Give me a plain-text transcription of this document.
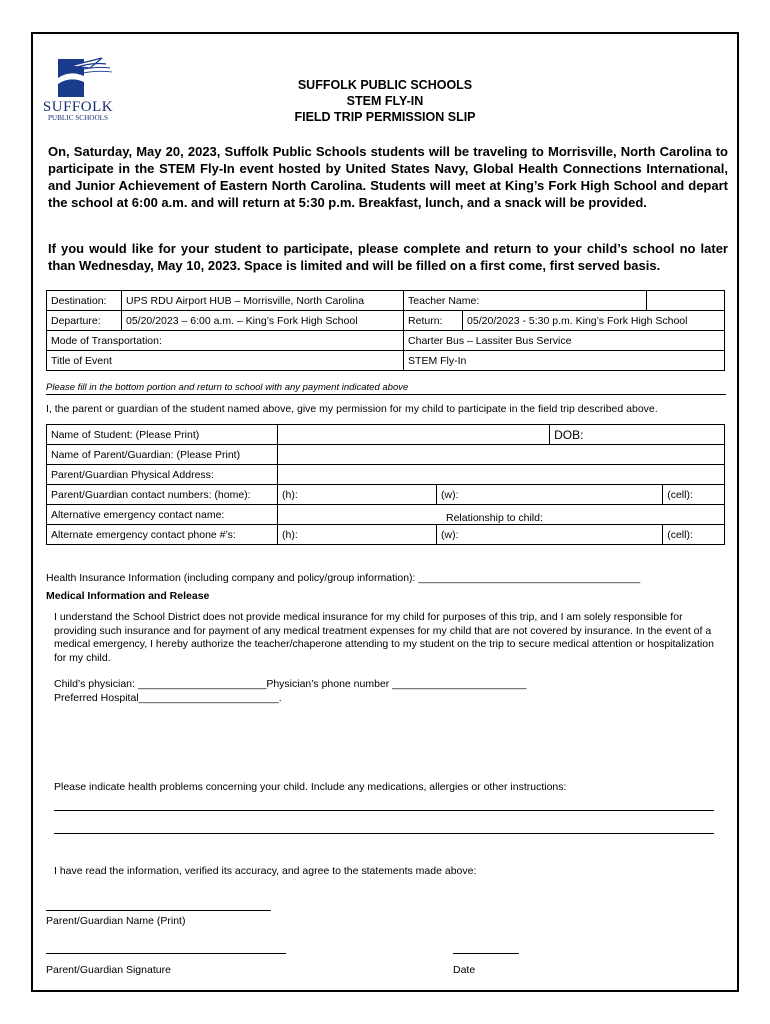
SUFFOLK
PUBLIC SCHOOLS
SUFFOLK PUBLIC SCHOOLS
STEM FLY-IN
FIELD TRIP PERMISSION SLIP
On, Saturday, May 20, 2023, Suffolk Public Schools students will be traveling to Morrisville, North Carolina to participate in the STEM Fly-In event hosted by United States Navy, Global Health Connections International, and Junior Achievement of Eastern North Carolina. Students will meet at King’s Fork High School and depart the school at 6:00 a.m. and will return at 5:30 p.m. Breakfast, lunch, and a snack will be provided.
If you would like for your student to participate, please complete and return to your child’s school no later than Wednesday, May 10, 2023. Space is limited and will be filled on a first come, first served basis.
Destination:	UPS RDU Airport HUB – Morrisville, North Carolina	Teacher Name:		
Departure:	05/20/2023 – 6:00 a.m. – King’s Fork High School	Return:	05/20/2023 - 5:30 p.m. King’s Fork High School	
Mode of Transportation:		Charter Bus – Lassiter Bus Service		
Title of Event		STEM Fly-In		
Please fill in the bottom portion and return to school with any payment indicated above
I, the parent or guardian of the student named above, give my permission for my child to participate in the field trip described above.
Name of Student: (Please Print)			DOB:	
Name of Parent/Guardian: (Please Print)				
Parent/Guardian Physical Address:				
Parent/Guardian contact numbers: (home):	(h):	(w):		(cell):
Alternative emergency contact name:	Relationship to child:			
Alternate emergency contact phone #’s:	(h):	(w):		(cell):
Health Insurance Information (including company and policy/group information): ______________________________________
Medical Information and Release
I understand the School District does not provide medical insurance for my child for purposes of this trip, and I am solely responsible for providing such insurance and for payment of any medical treatment expenses for my child that are not covered by insurance. In the event of a medical emergency, I hereby authorize the teacher/chaperone attending to my student on the trip to secure medical attention or hospitalization for my child.
Child’s physician: ______________________Physician’s phone number _______________________
Preferred Hospital________________________.
Please indicate health problems concerning your child. Include any medications, allergies or other instructions:
I have read the information, verified its accuracy, and agree to the statements made above:
Parent/Guardian Name (Print)
Parent/Guardian Signature	Date
